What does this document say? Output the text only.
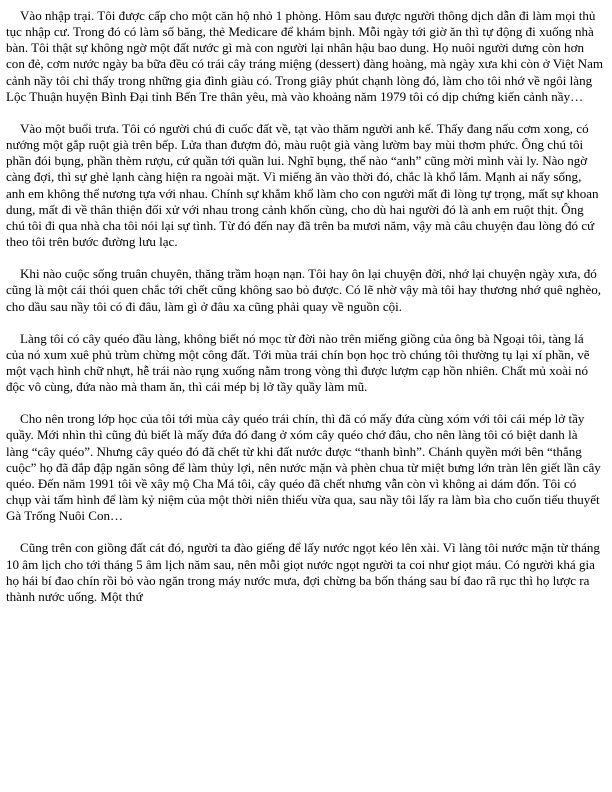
Vào nhập trại. Tôi được cấp cho một căn hộ nhỏ 1 phòng. Hôm sau được người thông dịch dẫn đi làm mọi thủ tục nhập cư. Trong đó có làm số băng, thẻ Medicare để khám bịnh. Mỗi ngày tới giờ ăn thì tự động đi xuống nhà bàn. Tôi thật sự không ngờ một đất nước gì mà con người lại nhân hậu bao dung. Họ nuôi người dưng còn hơn con đẻ, cơm nước ngày ba bữa đều có trái cây tráng miệng (dessert) đàng hoàng, mà ngày xưa khi còn ở Việt Nam cảnh nầy tôi chỉ thấy trong những gia đình giàu có. Trong giây phút chạnh lòng đó, làm cho tôi nhớ về ngôi làng Lộc Thuận huyện Bình Đại tỉnh Bến Tre thân yêu, mà vào khoảng năm 1979 tôi có dịp chứng kiến cảnh nầy…

Vào một buổi trưa. Tôi có người chú đi cuốc đất về, tạt vào thăm người anh kế. Thấy đang nấu cơm xong, có nướng một gắp ruột già trên bếp. Lửa than đượm đỏ, màu ruột già vàng lườm bay mùi thơm phức. Ông chú tôi phần đói bụng, phần thèm rượu, cứ quần tới quần lui. Nghĩ bụng, thế nào “anh” cũng mời mình vài ly. Nào ngờ càng đợi, thì sự ghẻ lạnh càng hiện ra ngoài mặt. Vì miếng ăn vào thời đó, chắc là khổ lắm. Mạnh ai nấy sống, anh em không thể nương tựa với nhau. Chính sự khắm khổ làm cho con người mất đi lòng tự trọng, mất sự khoan dung, mất đi về thân thiện đối xử với nhau trong cảnh khốn cùng, cho dù hai người đó là anh em ruột thịt. Ông chú tôi đi qua nhà cha tôi nói lại sự tình. Từ đó đến nay đã trên ba mươi năm, vậy mà câu chuyện đau lòng đó cứ theo tôi trên bước đường lưu lạc.

Khi nào cuộc sống truân chuyên, thăng trầm hoạn nạn. Tôi hay ôn lại chuyện đời, nhớ lại chuyện ngày xưa, đó cũng là một cái thói quen chắc tới chết cũng không sao bỏ được. Có lẽ nhờ vậy mà tôi hay thương nhớ quê nghèo, cho dầu sau nầy tôi có đi đâu, làm gì ở đâu xa cũng phải quay về nguồn cội.

Làng tôi có cây quéo đầu làng, không biết nó mọc từ đời nào trên miếng giồng của ông bà Ngoại tôi, tàng lá của nó xum xuê phủ trùm chừng một công đất. Tới mùa trái chín bọn học trò chúng tôi thường tụ lại xí phần, vẽ một vạch hình chữ nhựt, hễ trái nào rụng xuống nằm trong vòng thì được lượm cạp hồn nhiên. Chất mủ xoài nó độc vô cùng, đứa nào mà tham ăn, thì cái mép bị lở tầy quầy làm mũ.

Cho nên trong lớp học của tôi tới mùa cây quéo trái chín, thì đã có mấy đứa cùng xóm với tôi cái mép lở tầy quầy. Mới nhìn thì cũng đủ biết là mấy đứa đó đang ở xóm cây quéo chớ đâu, cho nên làng tôi có biệt danh là làng “cây quéo”. Nhưng cây quéo đó đã chết từ khi đất nước được “thanh bình”. Chánh quyền mới bên “thắng cuộc” họ đã đắp đập ngăn sông để làm thủy lợi, nên nước mặn và phèn chua từ miệt bưng lớn tràn lên giết lần cây quéo. Đến năm 1991 tôi về xây mộ Cha Má tôi, cây quéo đã chết nhưng vẫn còn vì không ai dám đốn. Tôi có chụp vài tấm hình để làm kỷ niệm của một thời niên thiếu vừa qua, sau nầy tôi lấy ra làm bìa cho cuốn tiểu thuyết Gà Trống Nuôi Con…

Cũng trên con giồng đất cát đó, người ta đào giếng để lấy nước ngọt kéo lên xài. Vì làng tôi nước mặn từ tháng 10 âm lịch cho tới tháng 5 âm lịch năm sau, nên mỗi giọt nước ngọt người ta coi như giọt máu. Có người khá gia họ hái bí đao chín rồi bỏ vào ngăn trong máy nước mưa, đợi chừng ba bốn tháng sau bí đao rã rục thì họ lược ra thành nước uống. Một thứ
